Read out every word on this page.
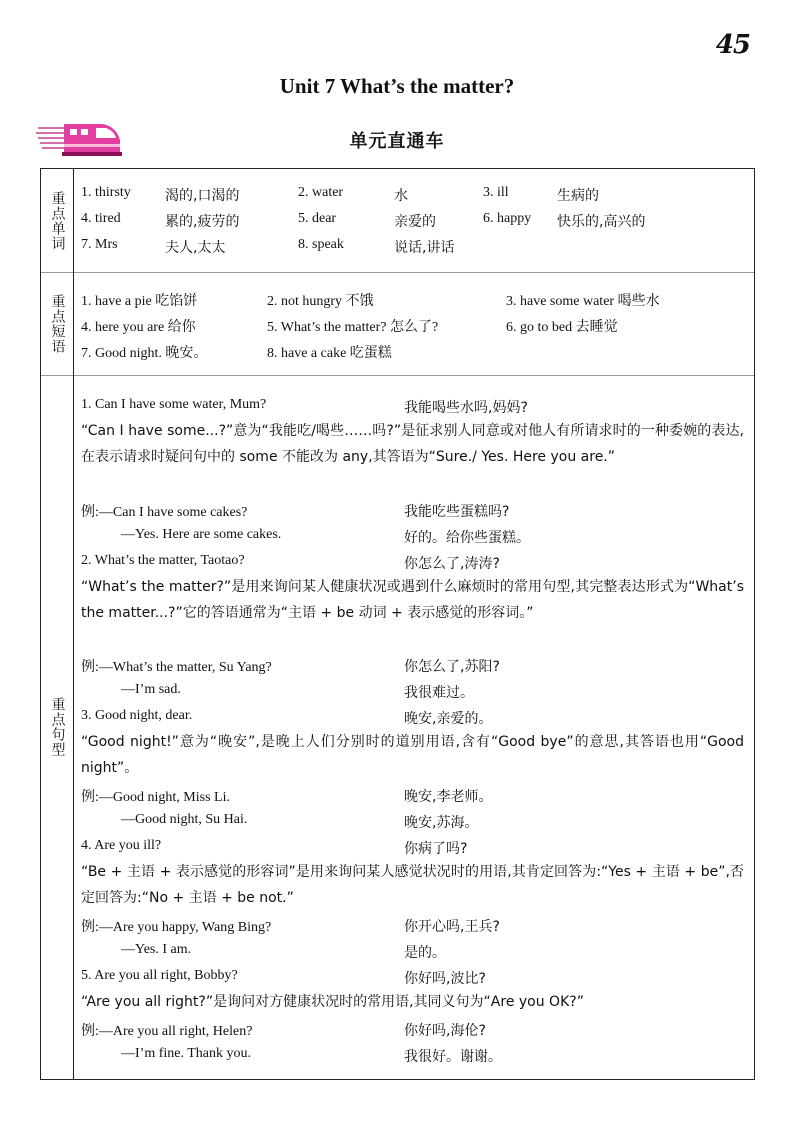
45
Unit 7 What’s the matter?
单元直通车
重点单词 1. thirsty 渴的,口渴的	2. water	水	3. ill	生病的
4. tired	累的,疲劳的	5. dear	亲爱的	6. happy 快乐的,高兴的
7. Mrs	夫人,太太	8. speak	说话,讲话
重点短语 1. have a pie 吃馅饼	2. not hungry 不饿	3. have some water 喝些水
4. here you are 给你	5. What’s the matter? 怎么了?	6. go to bed 去睡觉
7. Good night. 晚安。	8. have a cake 吃蛋糕
重点句型
1. Can I have some water, Mum?	我能喝些水吗,妈妈?
“Can I have some...?”意为“我能吃/喝些……吗?”是征求别人同意或对他人有所请求时的一种委婉的表达,在表示请求时疑问句中的 some 不能改为 any,其答语为“Sure./ Yes. Here you are.”
例:—Can I have some cakes?	我能吃些蛋糕吗?
—Yes. Here are some cakes.	好的。给你些蛋糕。
2. What’s the matter, Taotao?	你怎么了,涛涛?
“What’s the matter?”是用来询问某人健康状况或遇到什么麻烦时的常用句型,其完整表达形式为“What’s the matter...?”它的答语通常为“主语 + be 动词 + 表示感觉的形容词。”
例:—What’s the matter, Su Yang?	你怎么了,苏阳?
—I’m sad.	我很难过。
3. Good night, dear.	晚安,亲爱的。
“Good night!”意为“晚安”,是晚上人们分别时的道别用语,含有“Good bye”的意思,其答语也用“Good night”。
例:—Good night, Miss Li.	晚安,李老师。
—Good night, Su Hai.	晚安,苏海。
4. Are you ill?	你病了吗?
“Be + 主语 + 表示感觉的形容词”是用来询问某人感觉状况时的用语,其肯定回答为:“Yes + 主语 + be”,否定回答为:“No + 主语 + be not.”
例:—Are you happy, Wang Bing?	你开心吗,王兵?
—Yes. I am.	是的。
5. Are you all right, Bobby?	你好吗,波比?
“Are you all right?”是询问对方健康状况时的常用语,其同义句为“Are you OK?”
例:—Are you all right, Helen?	你好吗,海伦?
—I’m fine. Thank you.	我很好。谢谢。
